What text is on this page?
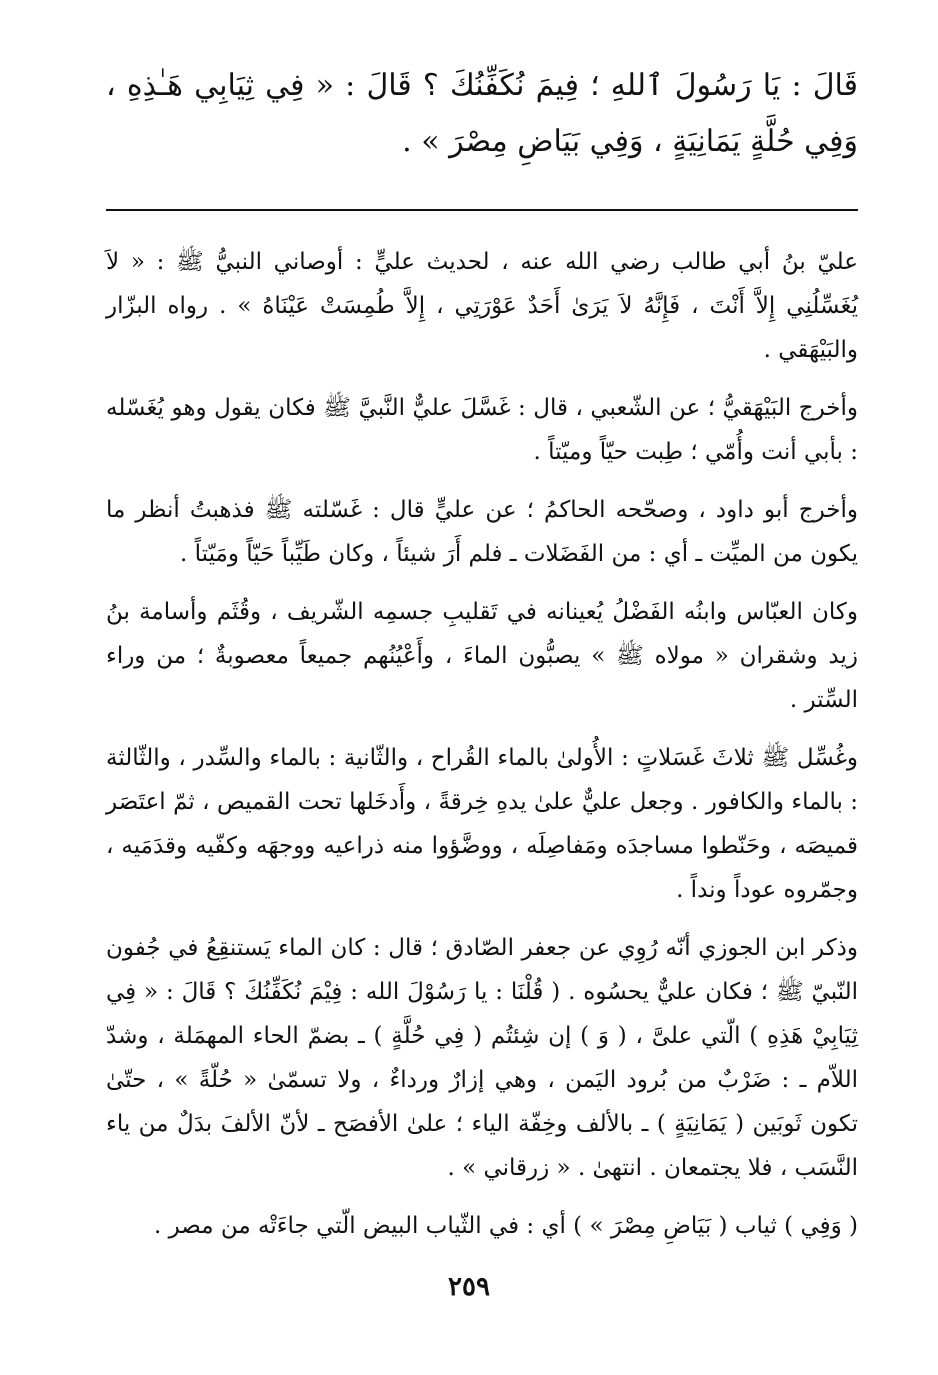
قَالَ : يَا رَسُولَ ٱللهِ ؛ فِيمَ نُكَفِّنُكَ ؟ قَالَ : « فِي ثِيَابِي هَـٰذِهِ ، وَفِي حُلَّةٍ يَمَانِيَةٍ ، وَفِي بَيَاضِ مِصْرَ » .

عليّ بنُ أبي طالب رضي الله عنه ، لحديث عليٍّ : أوصاني النبيُّ ﷺ : « لاَ يُغَسِّلُنِي إِلاَّ أَنْتَ ، فَإِنَّهُ لاَ يَرَىٰ أَحَدٌ عَوْرَتِي ، إِلاَّ طُمِسَتْ عَيْنَاهُ » . رواه البزّار والبَيْهَقي .

وأخرج البَيْهَقيُّ ؛ عن الشّعبي ، قال : غَسَّلَ عليٌّ النَّبيَّ ﷺ فكان يقول وهو يُغَسّله : بأبي أنت وأُمّي ؛ طِبت حيّاً وميّتاً .

وأخرج أبو داود ، وصحّحه الحاكمُ ؛ عن عليٍّ قال : غَسّلته ﷺ فذهبتُ أنظر ما يكون من الميِّت ـ أي : من الفَضَلات ـ فلم أَرَ شيئاً ، وكان طَيِّباً حَيّاً ومَيّتاً .

وكان العبّاس وابنُه الفَضْلُ يُعينانه في تَقليبِ جسمِه الشّريف ، وقُثَم وأسامة بنُ زيد وشقران « مولاه ﷺ » يصبُّون الماءَ ، وأَعْيُنُهم جميعاً معصوبةٌ ؛ من وراء السِّتر .

وغُسِّل ﷺ ثلاثَ غَسَلاتٍ : الأُولىٰ بالماء القُراح ، والثّانية : بالماء والسِّدر ، والثّالثة : بالماء والكافور . وجعل عليٌّ علىٰ يدهِ خِرقةً ، وأَدخَلها تحت القميص ، ثمّ اعتَصَر قميصَه ، وحَنّطوا مساجدَه ومَفاصِلَه ، ووضَّؤوا منه ذراعيه ووجهَه وكفّيه وقدَمَيه ، وجمّروه عوداً ونداً .

وذكر ابن الجوزي أنّه رُوِي عن جعفر الصّادق ؛ قال : كان الماء يَستنقِعُ في جُفون النّبيّ ﷺ ؛ فكان عليٌّ يحسُوه . ( قُلْنَا : يا رَسُوْلَ الله : فِيْمَ نُكَفِّنُكَ ؟ قَالَ : « فِي ثِيَابِيْ هَذِهِ ) الّتي علىَّ ، ( وَ ) إن شِئتُم ( فِي حُلَّةٍ ) ـ بضمّ الحاء المهمَلة ، وشدّ اللاّم ـ : ضَرْبٌ من بُرود اليَمن ، وهي إزارٌ ورداءٌ ، ولا تسمّىٰ « حُلّةً » ، حتّىٰ تكون ثَوبَين ( يَمَانِيَةٍ ) ـ بالألف وخِفّة الياء ؛ علىٰ الأفصَح ـ لأنّ الألفَ بدَلٌ من ياء النَّسَب ، فلا يجتمعان . انتهىٰ . « زرقاني » .

( وَفِي ) ثياب ( بَيَاضِ مِصْرَ » ) أي : في الثّياب البيض الّتي جاءَتْه من مصر .

٢٥٩
